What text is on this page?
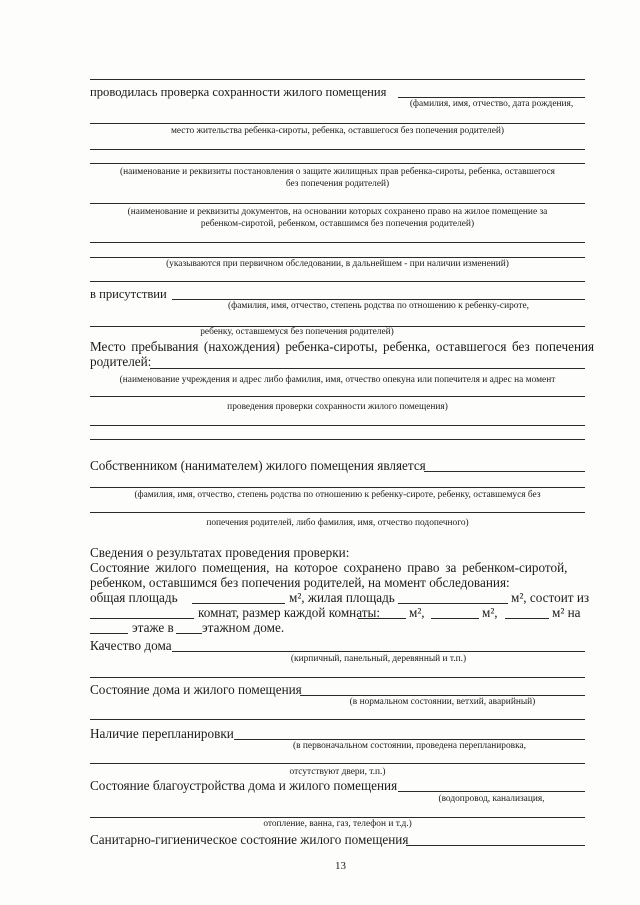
проводилась проверка сохранности жилого помещения
(фамилия, имя, отчество, дата рождения,
место жительства ребенка-сироты, ребенка, оставшегося без попечения родителей)
(наименование и реквизиты постановления о защите жилищных прав ребенка-сироты, ребенка, оставшегося
без попечения родителей)
(наименование и реквизиты документов, на основании которых сохранено право на жилое помещение за
ребенком-сиротой, ребенком, оставшимся без попечения родителей)
(указываются при первичном обследовании, в дальнейшем - при наличии изменений)
в присутствии
(фамилия, имя, отчество, степень родства по отношению к ребенку-сироте,
ребенку, оставшемуся без попечения родителей)
Место пребывания (нахождения) ребенка-сироты, ребенка, оставшегося без попечения
родителей:
(наименование учреждения и адрес либо фамилия, имя, отчество опекуна или попечителя и адрес на момент
проведения проверки сохранности жилого помещения)
Собственником (нанимателем) жилого помещения является
(фамилия, имя, отчество, степень родства по отношению к ребенку-сироте, ребенку, оставшемуся без
попечения родителей, либо фамилия, имя, отчество подопечного)
Сведения о результатах проведения проверки:
Состояние жилого помещения, на которое сохранено право за ребенком-сиротой,
ребенком, оставшимся без попечения родителей, на момент обследования:
общая площадь	м², жилая площадь	м², состоит из
комнат, размер каждой комнаты: м²,	м²,	м² на
этаже в этажном доме.
Качество дома
(кирпичный, панельный, деревянный и т.п.)
Состояние дома и жилого помещения
(в нормальном состоянии, ветхий, аварийный)
Наличие перепланировки
(в первоначальном состоянии, проведена перепланировка,
отсутствуют двери, т.п.)
Состояние благоустройства дома и жилого помещения
(водопровод, канализация,
отопление, ванна, газ, телефон и т.д.)
Санитарно-гигиеническое состояние жилого помещения
13
